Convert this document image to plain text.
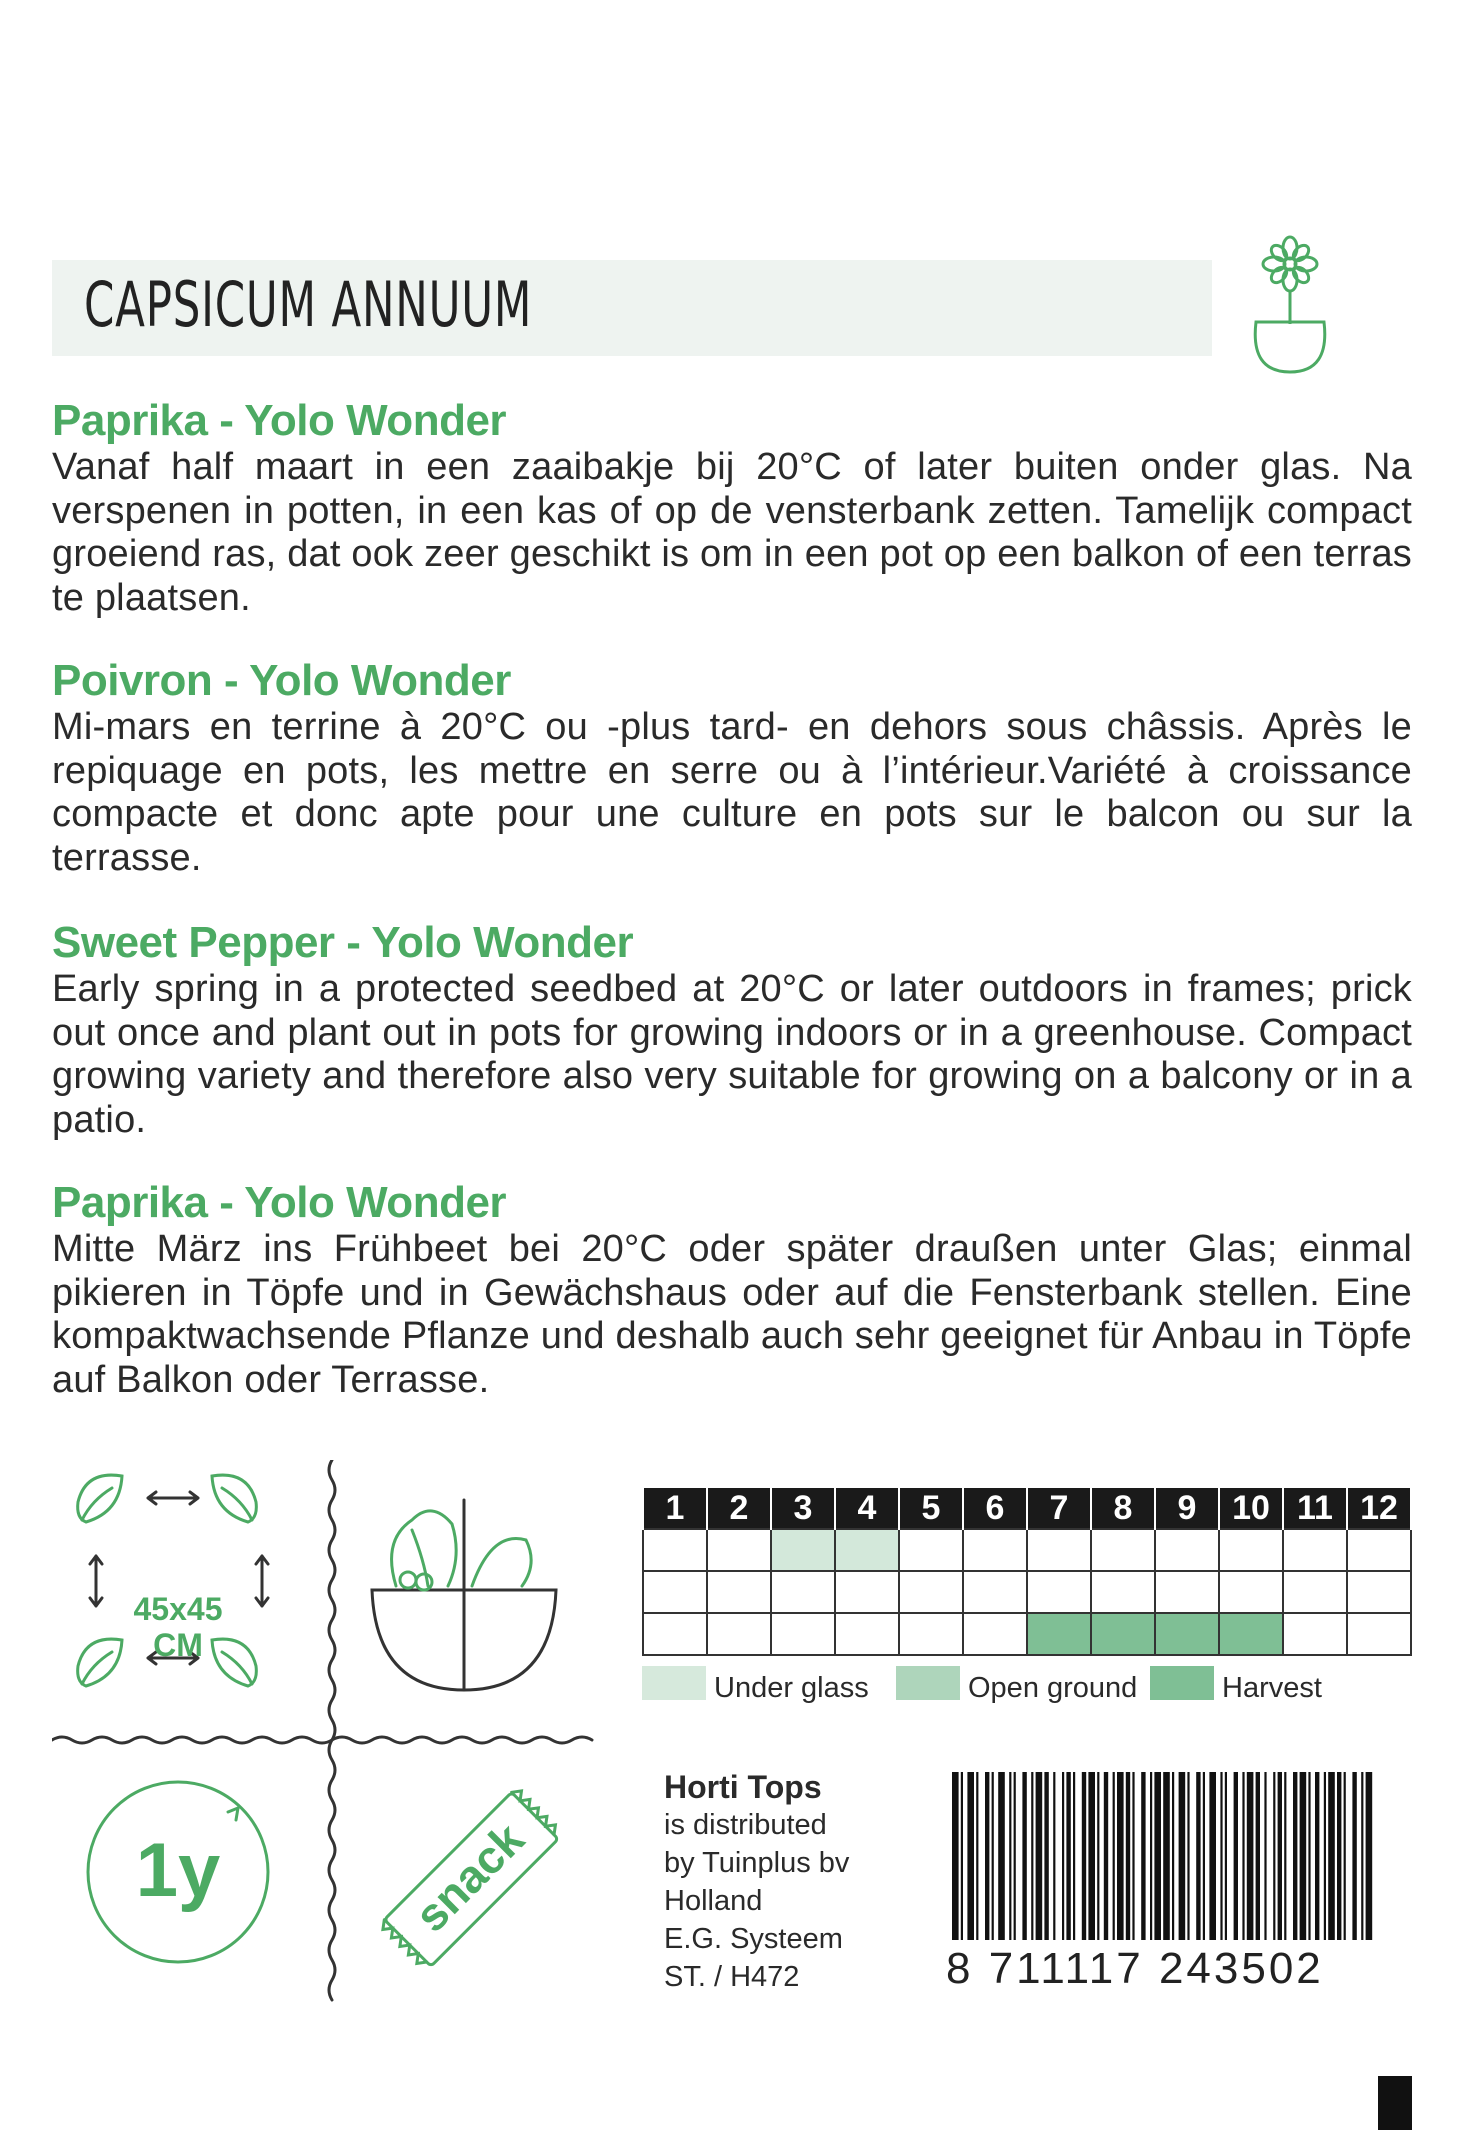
CAPSICUM ANNUUM
Paprika - Yolo Wonder

Vanaf half maart in een zaaibakje bij 20°C of later buiten onder glas. Na verspenen in potten, in een kas of op de vensterbank zetten. Tamelijk compact groeiend ras, dat ook zeer geschikt is om in een pot op een balkon of een terras te plaatsen.

Poivron - Yolo Wonder

Mi-mars en terrine à 20°C ou -plus tard- en dehors sous châssis. Après le repiquage en pots, les mettre en serre ou à l’intérieur.Variété à croissance compacte et donc apte pour une culture en pots sur le balcon ou sur la terrasse.

Sweet Pepper - Yolo Wonder

Early spring in a protected seedbed at 20°C or later outdoors in frames; prick out once and plant out in pots for growing indoors or in a greenhouse. Compact growing variety and therefore also very suitable for growing on a balcony or in a patio.

Paprika - Yolo Wonder

Mitte März ins Frühbeet bei 20°C oder später draußen unter Glas; einmal pikieren in Töpfe und in Gewächshaus oder auf die Fensterbank stellen. Eine kompaktwachsende Pflanze und deshalb auch sehr geeignet für Anbau in Töpfe auf Balkon oder Terrasse.

45x45
CM
1y	snack
1	2	3	4	5	6	7	8	9	10	11	12

Under glass	Open ground	Harvest
Horti Tops
is distributed
by Tuinplus bv
Holland
E.G. Systeem
ST. / H472	8 711117 243502
